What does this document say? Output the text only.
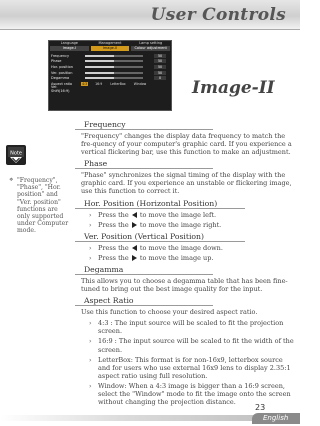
User Controls
Language	Management	Lamp setting
Image-I	Image-II	Colour adjustment
Frequency	50
Phase	50
Hor. position	50
Ver. position	50
Degamma	0
Aspect ratio	4:3	16:9	LetterBox	Window
Ver. Shift(16:9)	Image-II
Note
❖ "Frequency", "Phase", "Hor. position" and "Ver. position" functions are only supported under Computer mode.
Frequency
"Frequency" changes the display data frequency to match the fre-quency of your computer's graphic card. If you experience a vertical flickering bar, use this function to make an adjustment.
Phase
"Phase" synchronizes the signal timing of the display with the graphic card. If you experience an unstable or flickering image, use this function to correct it.
Hor. Position (Horizontal Position)
› Press the to move the image left.
› Press the to move the image right.
Ver. Position (Vertical Position)
› Press the to move the image down.
› Press the to move the image up.
Degamma
This allows you to choose a degamma table that has been fine-tuned to bring out the best image quality for the input.
Aspect Ratio
Use this function to choose your desired aspect ratio.
› 4:3 : The input source will be scaled to fit the projection screen.
› 16:9 : The input source will be scaled to fit the width of the screen.
› LetterBox: This format is for non-16x9, letterbox source and for users who use external 16x9 lens to display 2.35:1 aspect ratio using full resolution.
› Window: When a 4:3 image is bigger than a 16:9 screen, select the "Window" mode to fit the image onto the screen without changing the projection distance.
23
English
